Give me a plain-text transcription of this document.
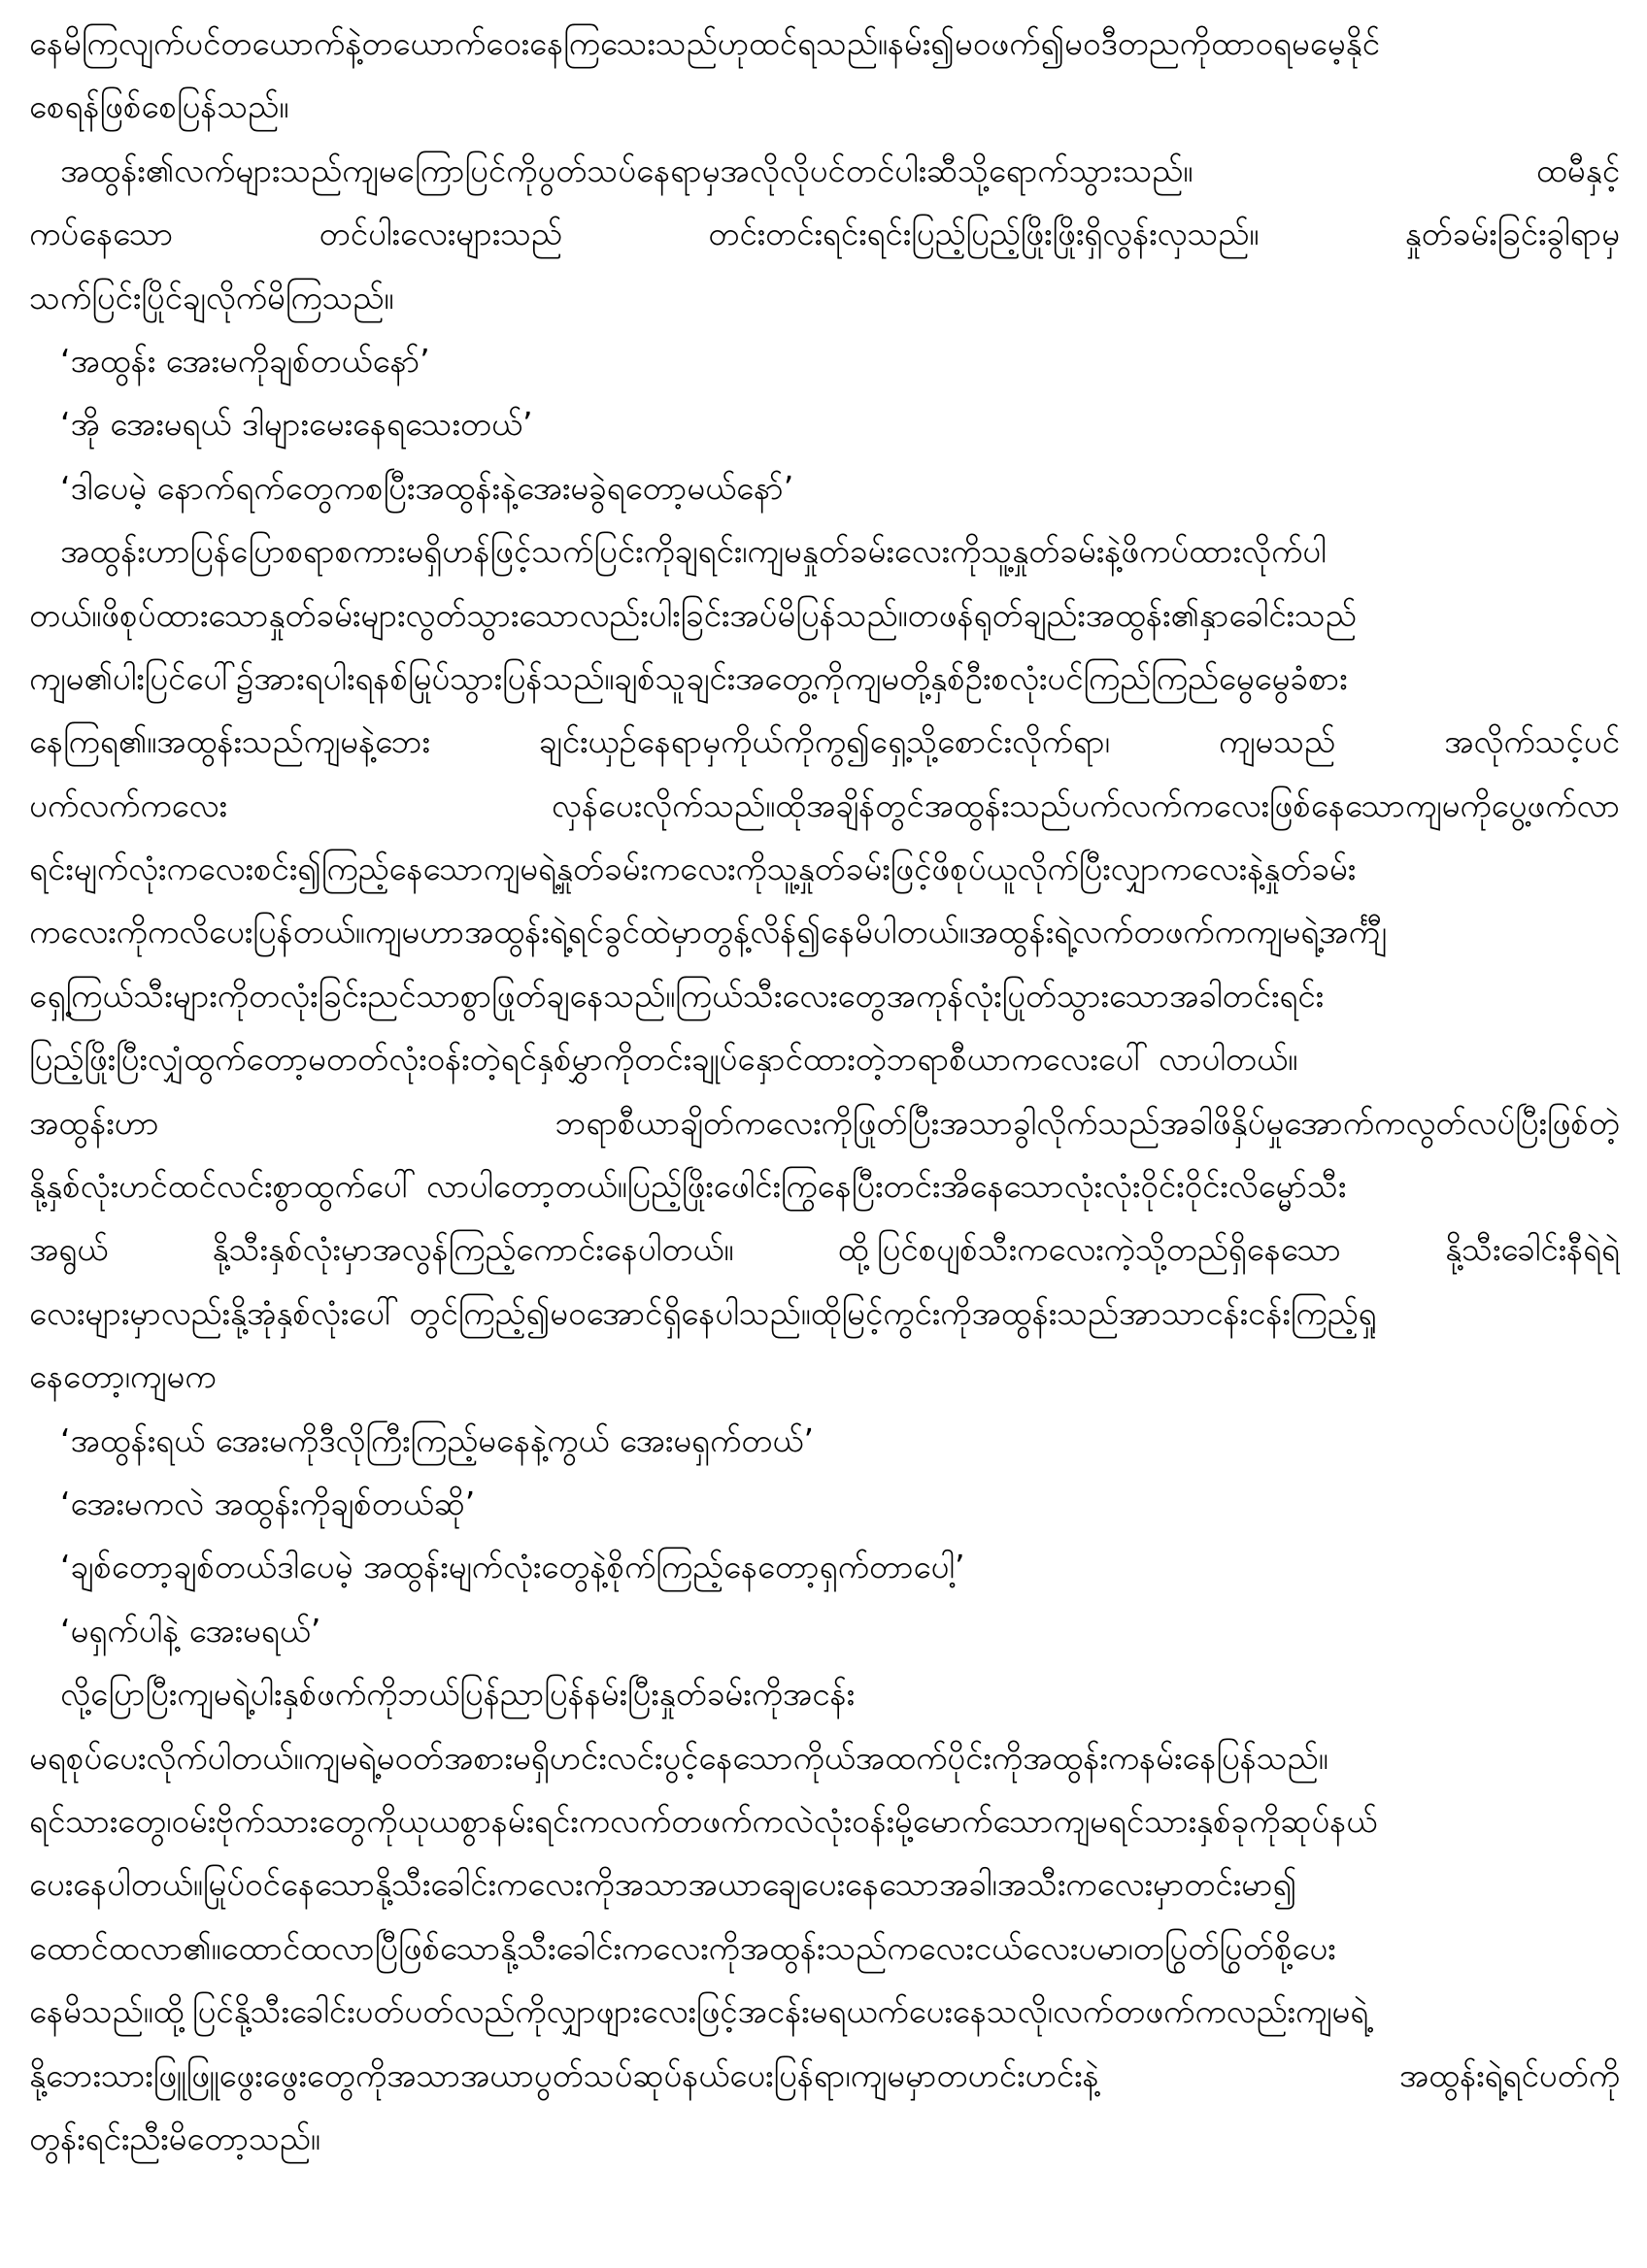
နေမိကြလျက်ပင်တယောက်နဲ့တယောက်ဝေးနေကြသေးသည်ဟုထင်ရသည်။နမ်း၍မဝဖက်၍မဝဒီတညကိုထာဝရမမေ့နိုင်
စေရန်ဖြစ်စေပြန်သည်။
အထွန်း၏လက်များသည်ကျမကြောပြင်ကိုပွတ်သပ်နေရာမှအလိုလိုပင်တင်ပါးဆီသို့ရောက်သွားသည်။	ထမီနှင့်
ကပ်နေသော	တင်ပါးလေးများသည်	တင်းတင်းရင်းရင်းပြည့်ပြည့်ဖြိုးဖြိုးရှိလွန်းလှသည်။	နှုတ်ခမ်းခြင်းခွါရာမှ
သက်ပြင်းပြိုင်ချလိုက်မိကြသည်။
‘အထွန်း အေးမကိုချစ်တယ်နော်’
‘အို အေးမရယ် ဒါများမေးနေရသေးတယ်’
‘ဒါပေမဲ့ နောက်ရက်တွေကစပြီးအထွန်းနဲ့အေးမခွဲရတော့မယ်နော်’
အထွန်းဟာပြန်ပြောစရာစကားမရှိဟန်ဖြင့်သက်ပြင်းကိုချရင်း၊ကျမနှုတ်ခမ်းလေးကိုသူ့နှုတ်ခမ်းနဲ့ဖိကပ်ထားလိုက်ပါ
တယ်။ဖိစုပ်ထားသောနှုတ်ခမ်းများလွတ်သွားသောလည်းပါးခြင်းအပ်မိပြန်သည်။တဖန်ရုတ်ချည်းအထွန်း၏နှာခေါင်းသည်
ကျမ၏ပါးပြင်ပေါ်၌အားရပါးရနစ်မြုပ်သွားပြန်သည်။ချစ်သူချင်းအတွေ့ကိုကျမတို့နှစ်ဦးစလုံးပင်ကြည်ကြည်မွေမွေခံစား
နေကြရ၏။အထွန်းသည်ကျမနဲ့ဘေး	ချင်းယှဉ်နေရာမှကိုယ်ကိုကွ၍ရှေ့သို့စောင်းလိုက်ရာ၊	ကျမသည်	အလိုက်သင့်ပင်
ပက်လက်ကလေး	လှန်ပေးလိုက်သည်။ထိုအချိန်တွင်အထွန်းသည်ပက်လက်ကလေးဖြစ်နေသောကျမကိုပွေ့ဖက်လာ
ရင်းမျက်လုံးကလေးစင်း၍ကြည့်နေသောကျမရဲ့နှုတ်ခမ်းကလေးကိုသူ့နှုတ်ခမ်းဖြင့်ဖိစုပ်ယူလိုက်ပြီးလျှာကလေးနဲ့နှုတ်ခမ်း
ကလေးကိုကလိပေးပြန်တယ်။ကျမဟာအထွန်းရဲ့ရင်ခွင်ထဲမှာတွန့်လိန်၍နေမိပါတယ်။အထွန်းရဲ့လက်တဖက်ကကျမရဲ့အင်္ကျီ
ရှေ့ကြယ်သီးများကိုတလုံးခြင်းညင်သာစွာဖြုတ်ချနေသည်။ကြယ်သီးလေးတွေအကုန်လုံးပြုတ်သွားသောအခါတင်းရင်း
ပြည့်ဖြိုးပြီးလျှံထွက်တော့မတတ်လုံးဝန်းတဲ့ရင်နှစ်မွှာကိုတင်းချုပ်နှောင်ထားတဲ့ဘရာစီယာကလေးပေါ် လာပါတယ်။
အထွန်းဟာ	ဘရာစီယာချိတ်ကလေးကိုဖြုတ်ပြီးအသာခွါလိုက်သည်အခါဖိနှိပ်မှုအောက်ကလွတ်လပ်ပြီးဖြစ်တဲ့
နို့နှစ်လုံးဟင်ထင်လင်းစွာထွက်ပေါ် လာပါတော့တယ်။ပြည့်ဖြိုးဖေါင်းကြွနေပြီးတင်းအိနေသောလုံးလုံးဝိုင်းဝိုင်းလိမ္မော်သီး
အရွယ်	နို့သီးနှစ်လုံးမှာအလွန်ကြည့်ကောင်းနေပါတယ်။	ထို့ပြင်စပျစ်သီးကလေးကဲ့သို့တည်ရှိနေသော	နို့သီးခေါင်းနီရဲရဲ
လေးများမှာလည်းနို့အုံနှစ်လုံးပေါ် တွင်ကြည့်၍မဝအောင်ရှိနေပါသည်။ထိုမြင့်ကွင်းကိုအထွန်းသည်အာသာငန်းငန်းကြည့်ရှု
နေတော့၊ကျမက
‘အထွန်းရယ် အေးမကိုဒီလိုကြီးကြည့်မနေနဲ့ကွယ် အေးမရှက်တယ်’
‘အေးမကလဲ အထွန်းကိုချစ်တယ်ဆို’
‘ချစ်တော့ချစ်တယ်ဒါပေမဲ့ အထွန်းမျက်လုံးတွေနဲ့စိုက်ကြည့်နေတော့ရှက်တာပေါ့’
‘မရှက်ပါနဲ့ အေးမရယ်’
လို့ပြောပြီးကျမရဲ့ပါးနှစ်ဖက်ကိုဘယ်ပြန်ညာပြန်နမ်းပြီးနှုတ်ခမ်းကိုအငန်း
မရစုပ်ပေးလိုက်ပါတယ်။ကျမရဲ့မဝတ်အစားမရှိဟင်းလင်းပွင့်နေသောကိုယ်အထက်ပိုင်းကိုအထွန်းကနမ်းနေပြန်သည်။
ရင်သားတွေ၊ဝမ်းဗိုက်သားတွေကိုယုယစွာနမ်းရင်းကလက်တဖက်ကလဲလုံးဝန်းမို့မောက်သောကျမရင်သားနှစ်ခုကိုဆုပ်နယ်
ပေးနေပါတယ်။မြုပ်ဝင်နေသောနို့သီးခေါင်းကလေးကိုအသာအယာချေပေးနေသောအခါ၊အသီးကလေးမှာတင်းမာ၍
ထောင်ထလာ၏။ထောင်ထလာပြီဖြစ်သောနို့သီးခေါင်းကလေးကိုအထွန်းသည်ကလေးငယ်လေးပမာ၊တပြွတ်ပြွတ်စို့ပေး
နေမိသည်။ထို့ပြင်နို့သီးခေါင်းပတ်ပတ်လည်ကိုလျှာဖျားလေးဖြင့်အငန်းမရယက်ပေးနေသလို၊လက်တဖက်ကလည်းကျမရဲ့
နို့ဘေးသားဖြူဖြူဖွေးဖွေးတွေကိုအသာအယာပွတ်သပ်ဆုပ်နယ်ပေးပြန်ရာ၊ကျမမှာတဟင်းဟင်းနဲ့	အထွန်းရဲ့ရင်ပတ်ကို
တွန်းရင်းညီးမိတော့သည်။
